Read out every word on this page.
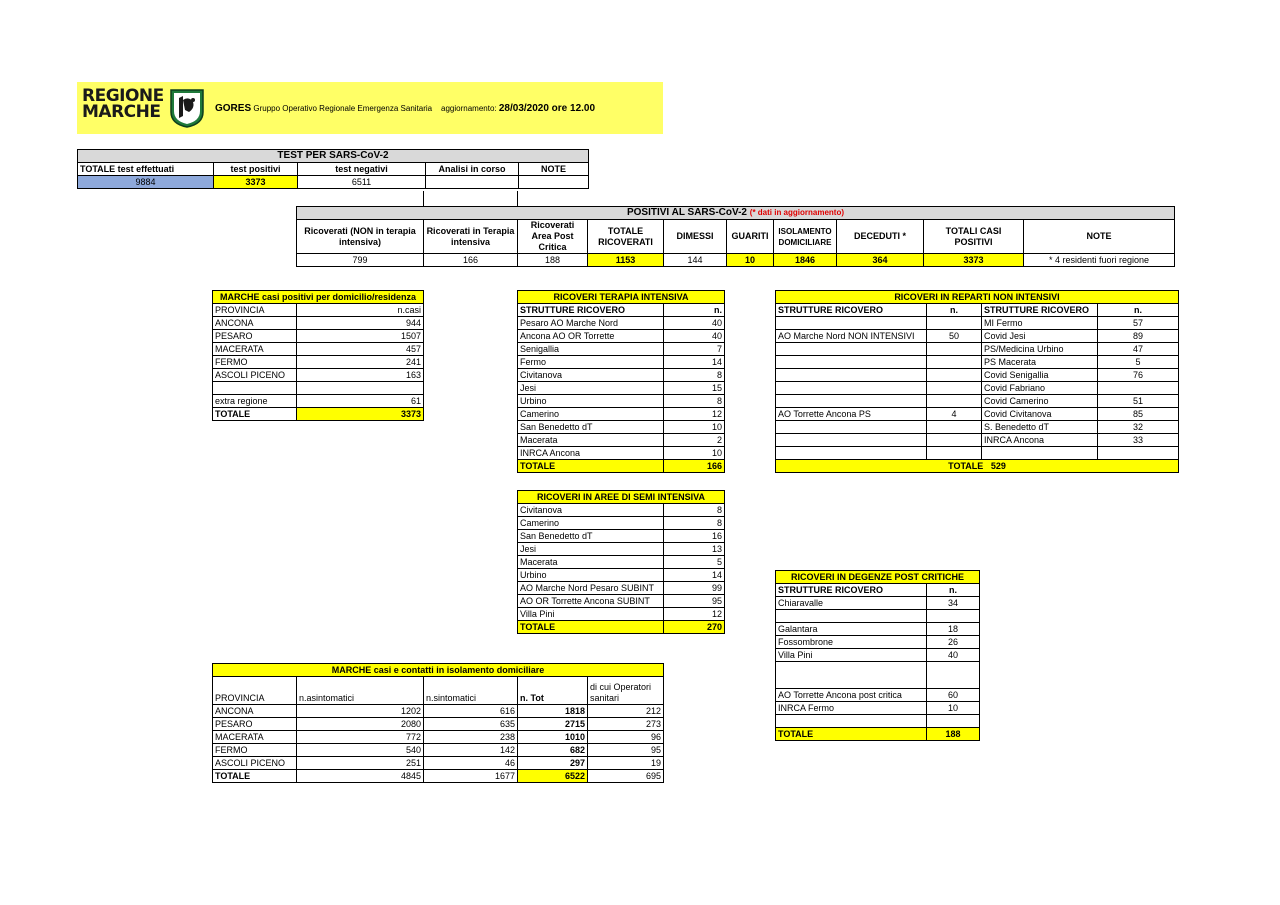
REGIONE
MARCHE	GORES Gruppo Operativo Regionale Emergenza Sanitaria aggiornamento: 28/03/2020 ore 12.00
TEST PER SARS-CoV-2				
TOTALE test effettuati	test positivi	test negativi	Analisi in corso	NOTE
9884	3373	6511		
POSITIVI AL SARS-CoV-2 (* dati in aggiornamento)									
Ricoverati (NON in terapia intensiva)	Ricoverati in Terapia intensiva	Ricoverati Area Post Critica	TOTALE RICOVERATI	DIMESSI	GUARITI	ISOLAMENTO DOMICILIARE	DECEDUTI *	TOTALI CASI POSITIVI	NOTE
799	166	188	1153	144	10	1846	364	3373	* 4 residenti fuori regione
MARCHE casi positivi per domicilio/residenza	
PROVINCIA	n.casi
ANCONA	944
PESARO	1507
MACERATA	457
FERMO	241
ASCOLI PICENO	163

extra regione	61
TOTALE	3373
RICOVERI TERAPIA INTENSIVA	
STRUTTURE RICOVERO	n.
Pesaro AO Marche Nord	40
Ancona AO OR Torrette	40
Senigallia	7
Fermo	14
Civitanova	8
Jesi	15
Urbino	8
Camerino	12
San Benedetto dT	10
Macerata	2
INRCA Ancona	10
TOTALE	166
RICOVERI IN AREE DI SEMI INTENSIVA	
Civitanova	8
Camerino	8
San Benedetto dT	16
Jesi	13
Macerata	5
Urbino	14
AO Marche Nord Pesaro SUBINT	99
AO OR Torrette Ancona SUBINT	95
Villa Pini	12
TOTALE	270
RICOVERI IN REPARTI NON INTENSIVI			
STRUTTURE RICOVERO	n.	STRUTTURE RICOVERO	n.
		MI Fermo	57
AO Marche Nord NON INTENSIVI	50	Covid Jesi	89
		PS/Medicina Urbino	47
		PS Macerata	5
		Covid Senigallia	76
		Covid Fabriano	
		Covid Camerino	51
AO Torrette Ancona PS	4	Covid Civitanova	85
		S. Benedetto dT	32
		INRCA Ancona	33

TOTALE 529			
RICOVERI IN DEGENZE POST CRITICHE	
STRUTTURE RICOVERO	n.
Chiaravalle	34

Galantara	18
Fossombrone	26
Villa Pini	40

AO Torrette Ancona post critica	60
INRCA Fermo	10

TOTALE	188
MARCHE casi e contatti in isolamento domiciliare				
PROVINCIA	n.asintomatici	n.sintomatici	n. Tot	di cui Operatori sanitari
ANCONA	1202	616	1818	212
PESARO	2080	635	2715	273
MACERATA	772	238	1010	96
FERMO	540	142	682	95
ASCOLI PICENO	251	46	297	19
TOTALE	4845	1677	6522	695
